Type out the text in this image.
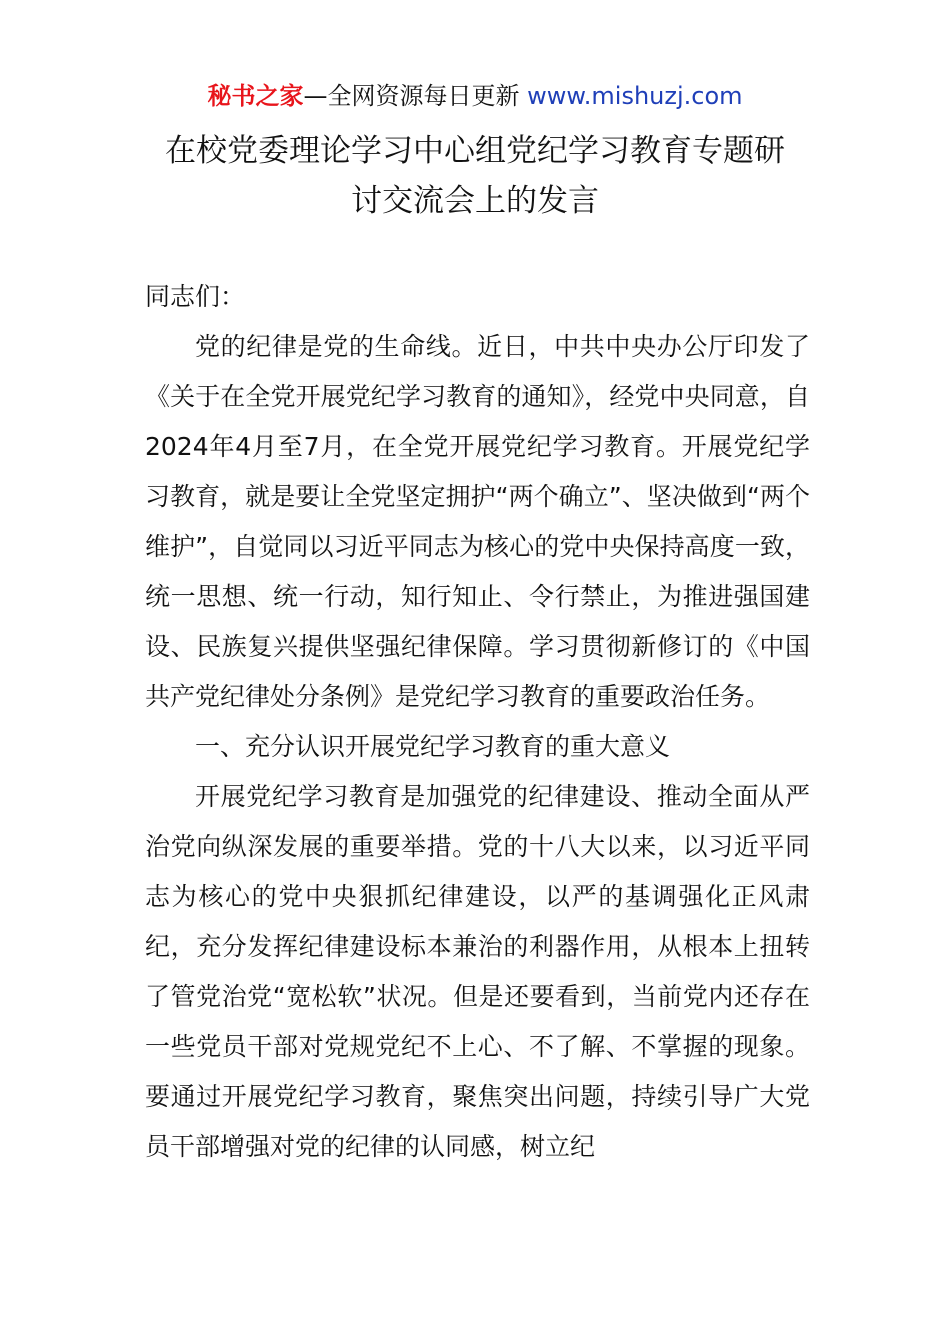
秘书之家—全网资源每日更新 www.mishuzj.com
在校党委理论学习中心组党纪学习教育专题研
讨交流会上的发言

同志们：

党的纪律是党的生命线。近日，中共中央办公厅印发了《关于在全党开展党纪学习教育的通知》，经党中央同意，自2024年4月至7月，在全党开展党纪学习教育。开展党纪学习教育，就是要让全党坚定拥护“两个确立”、坚决做到“两个维护”，自觉同以习近平同志为核心的党中央保持高度一致，统一思想、统一行动，知行知止、令行禁止，为推进强国建设、民族复兴提供坚强纪律保障。学习贯彻新修订的《中国共产党纪律处分条例》是党纪学习教育的重要政治任务。

一、充分认识开展党纪学习教育的重大意义

开展党纪学习教育是加强党的纪律建设、推动全面从严治党向纵深发展的重要举措。党的十八大以来，以习近平同志为核心的党中央狠抓纪律建设，以严的基调强化正风肃纪，充分发挥纪律建设标本兼治的利器作用，从根本上扭转了管党治党“宽松软”状况。但是还要看到，当前党内还存在一些党员干部对党规党纪不上心、不了解、不掌握的现象。要通过开展党纪学习教育，聚焦突出问题，持续引导广大党员干部增强对党的纪律的认同感，树立纪
